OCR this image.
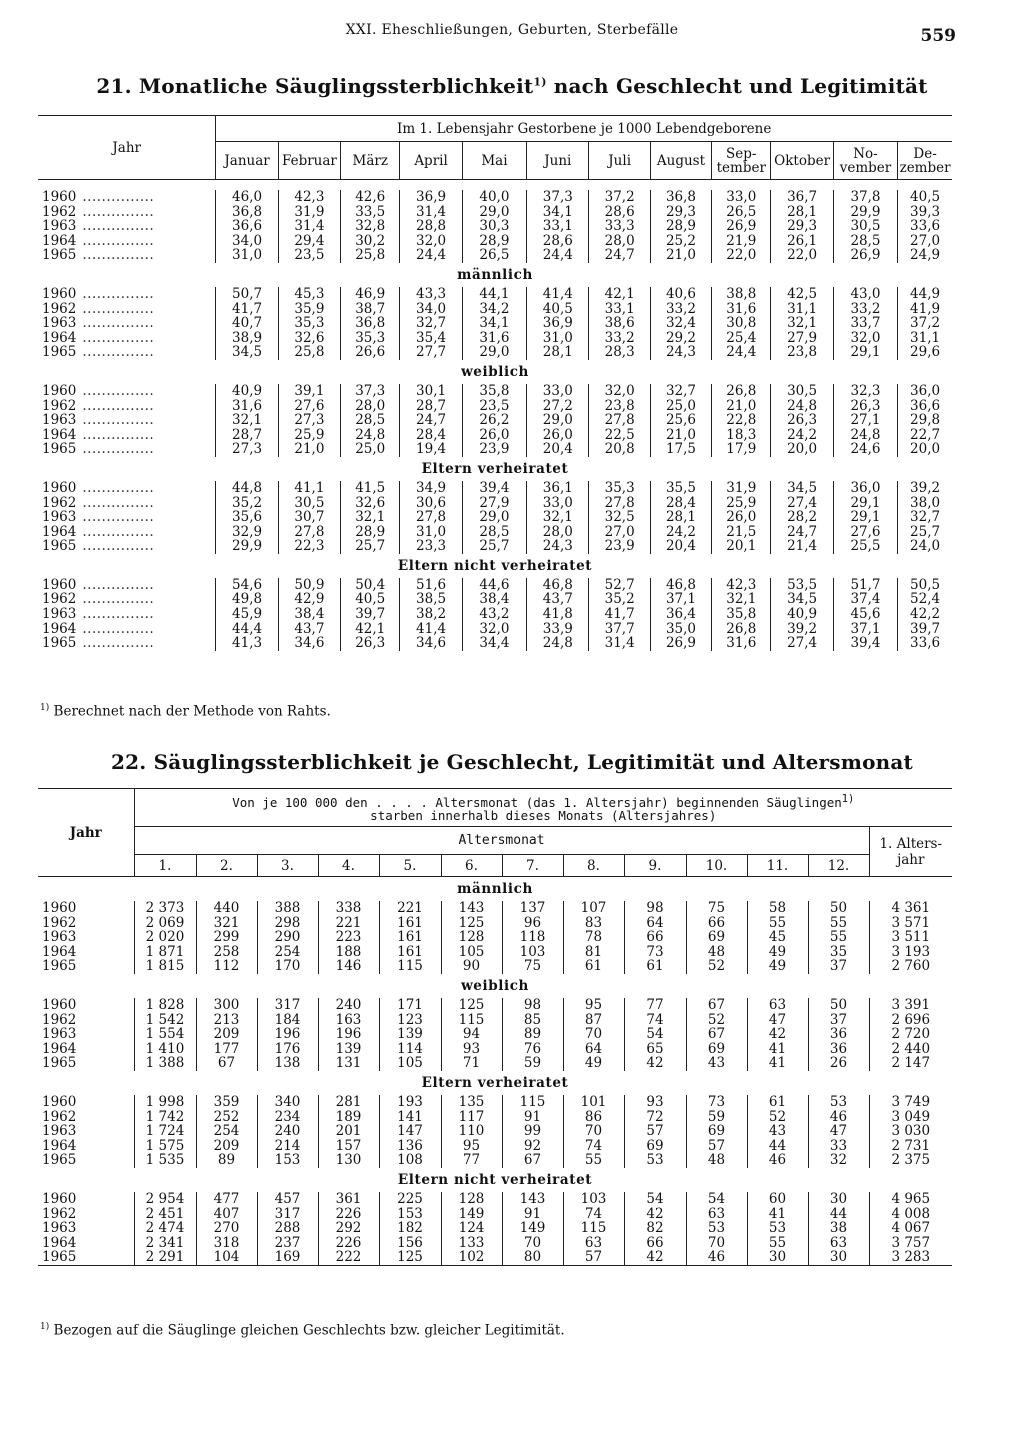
XXI. Eheschließungen, Geburten, Sterbefälle	559
21. Monatliche Säuglingssterblichkeit$^{1)}$ nach Geschlecht und Legitimität
Jahr	Im 1. Lebensjahr Gestorbene je 1000 Lebendgeborene											
	Januar	Februar	März	April	Mai	Juni	Juli	August	Sep-
tember	Oktober	No-
vember	De-
zember

1960 ...............	46,0	42,3	42,6	36,9	40,0	37,3	37,2	36,8	33,0	36,7	37,8	40,5
1962 ...............	36,8	31,9	33,5	31,4	29,0	34,1	28,6	29,3	26,5	28,1	29,9	39,3
1963 ...............	36,6	31,4	32,8	28,8	30,3	33,1	33,3	28,9	26,9	29,3	30,5	33,6
1964 ...............	34,0	29,4	30,2	32,0	28,9	28,6	28,0	25,2	21,9	26,1	28,5	27,0
1965 ...............	31,0	23,5	25,8	24,4	26,5	24,4	24,7	21,0	22,0	22,0	26,9	24,9
männlich												
1960 ...............	50,7	45,3	46,9	43,3	44,1	41,4	42,1	40,6	38,8	42,5	43,0	44,9
1962 ...............	41,7	35,9	38,7	34,0	34,2	40,5	33,1	33,2	31,6	31,1	33,2	41,9
1963 ...............	40,7	35,3	36,8	32,7	34,1	36,9	38,6	32,4	30,8	32,1	33,7	37,2
1964 ...............	38,9	32,6	35,3	35,4	31,6	31,0	33,2	29,2	25,4	27,9	32,0	31,1
1965 ...............	34,5	25,8	26,6	27,7	29,0	28,1	28,3	24,3	24,4	23,8	29,1	29,6
weiblich												
1960 ...............	40,9	39,1	37,3	30,1	35,8	33,0	32,0	32,7	26,8	30,5	32,3	36,0
1962 ...............	31,6	27,6	28,0	28,7	23,5	27,2	23,8	25,0	21,0	24,8	26,3	36,6
1963 ...............	32,1	27,3	28,5	24,7	26,2	29,0	27,8	25,6	22,8	26,3	27,1	29,8
1964 ...............	28,7	25,9	24,8	28,4	26,0	26,0	22,5	21,0	18,3	24,2	24,8	22,7
1965 ...............	27,3	21,0	25,0	19,4	23,9	20,4	20,8	17,5	17,9	20,0	24,6	20,0
Eltern verheiratet												
1960 ...............	44,8	41,1	41,5	34,9	39,4	36,1	35,3	35,5	31,9	34,5	36,0	39,2
1962 ...............	35,2	30,5	32,6	30,6	27,9	33,0	27,8	28,4	25,9	27,4	29,1	38,0
1963 ...............	35,6	30,7	32,1	27,8	29,0	32,1	32,5	28,1	26,0	28,2	29,1	32,7
1964 ...............	32,9	27,8	28,9	31,0	28,5	28,0	27,0	24,2	21,5	24,7	27,6	25,7
1965 ...............	29,9	22,3	25,7	23,3	25,7	24,3	23,9	20,4	20,1	21,4	25,5	24,0
Eltern nicht verheiratet												
1960 ...............	54,6	50,9	50,4	51,6	44,6	46,8	52,7	46,8	42,3	53,5	51,7	50,5
1962 ...............	49,8	42,9	40,5	38,5	38,4	43,7	35,2	37,1	32,1	34,5	37,4	52,4
1963 ...............	45,9	38,4	39,7	38,2	43,2	41,8	41,7	36,4	35,8	40,9	45,6	42,2
1964 ...............	44,4	43,7	42,1	41,4	32,0	33,9	37,7	35,0	26,8	39,2	37,1	39,7
1965 ...............	41,3	34,6	26,3	34,6	34,4	24,8	31,4	26,9	31,6	27,4	39,4	33,6
$^{1)}$ Berechnet nach der Methode von Rahts.
22. Säuglingssterblichkeit je Geschlecht, Legitimität und Altersmonat
Jahr	Von je 100 000 den . . . . Altersmonat (das 1. Altersjahr) beginnenden Säuglingen$^{1)}$
starben innerhalb dieses Monats (Altersjahres)												
	Altersmonat												1. Alters-
jahr
	1.	2.	3.	4.	5.	6.	7.	8.	9.	10.	11.	12.	
männlich													
1960	2 373	440	388	338	221	143	137	107	98	75	58	50	4 361
1962	2 069	321	298	221	161	125	96	83	64	66	55	55	3 571
1963	2 020	299	290	223	161	128	118	78	66	69	45	55	3 511
1964	1 871	258	254	188	161	105	103	81	73	48	49	35	3 193
1965	1 815	112	170	146	115	90	75	61	61	52	49	37	2 760
weiblich													
1960	1 828	300	317	240	171	125	98	95	77	67	63	50	3 391
1962	1 542	213	184	163	123	115	85	87	74	52	47	37	2 696
1963	1 554	209	196	196	139	94	89	70	54	67	42	36	2 720
1964	1 410	177	176	139	114	93	76	64	65	69	41	36	2 440
1965	1 388	67	138	131	105	71	59	49	42	43	41	26	2 147
Eltern verheiratet													
1960	1 998	359	340	281	193	135	115	101	93	73	61	53	3 749
1962	1 742	252	234	189	141	117	91	86	72	59	52	46	3 049
1963	1 724	254	240	201	147	110	99	70	57	69	43	47	3 030
1964	1 575	209	214	157	136	95	92	74	69	57	44	33	2 731
1965	1 535	89	153	130	108	77	67	55	53	48	46	32	2 375
Eltern nicht verheiratet													
1960	2 954	477	457	361	225	128	143	103	54	54	60	30	4 965
1962	2 451	407	317	226	153	149	91	74	42	63	41	44	4 008
1963	2 474	270	288	292	182	124	149	115	82	53	53	38	4 067
1964	2 341	318	237	226	156	133	70	63	66	70	55	63	3 757
1965	2 291	104	169	222	125	102	80	57	42	46	30	30	3 283
$^{1)}$ Bezogen auf die Säuglinge gleichen Geschlechts bzw. gleicher Legitimität.
